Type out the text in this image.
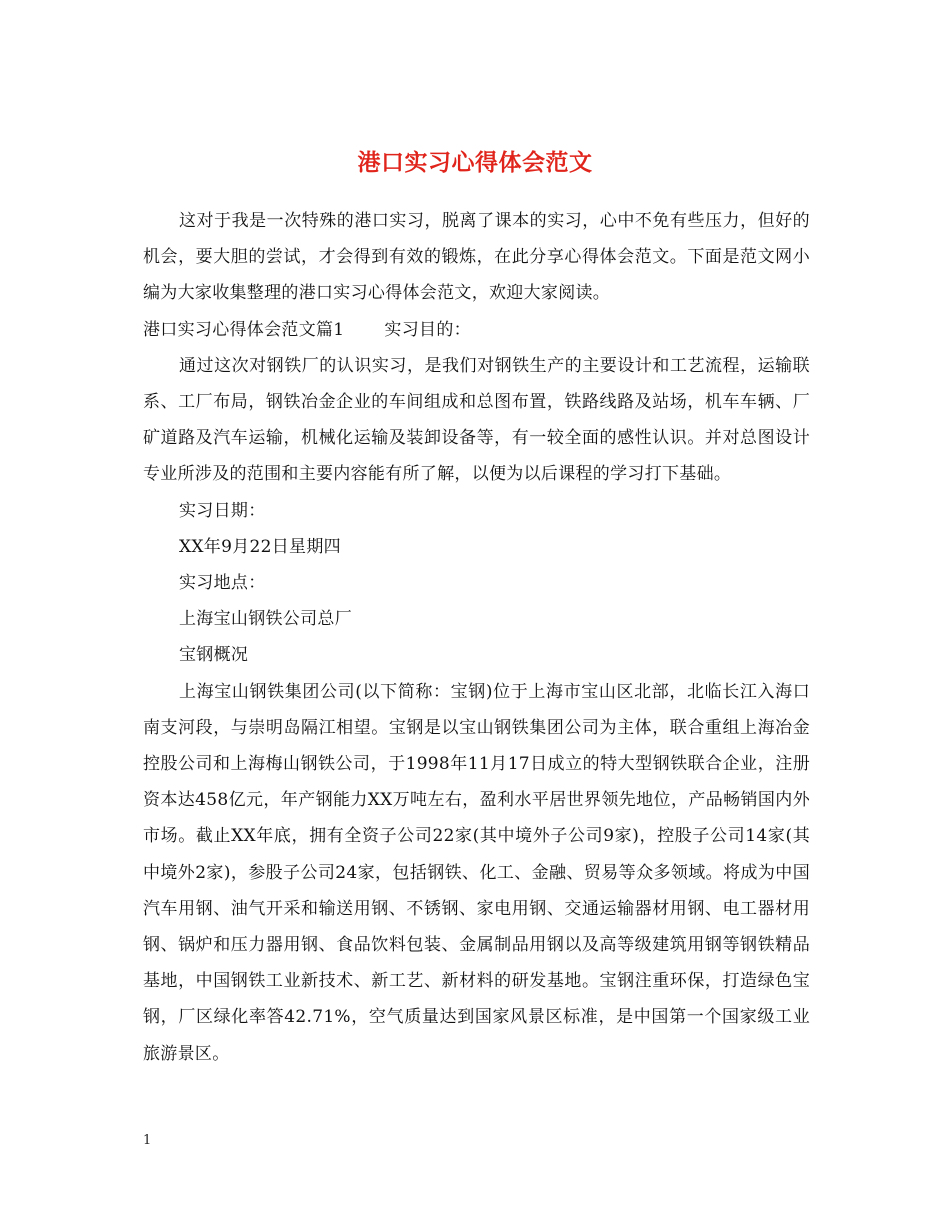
港口实习心得体会范文

这对于我是一次特殊的港口实习，脱离了课本的实习，心中不免有些压力，但好的机会，要大胆的尝试，才会得到有效的锻炼，在此分享心得体会范文。下面是范文网小编为大家收集整理的港口实习心得体会范文，欢迎大家阅读。

港口实习心得体会范文篇1 实习目的：

通过这次对钢铁厂的认识实习，是我们对钢铁生产的主要设计和工艺流程，运输联系、工厂布局，钢铁冶金企业的车间组成和总图布置，铁路线路及站场，机车车辆、厂矿道路及汽车运输，机械化运输及装卸设备等，有一较全面的感性认识。并对总图设计专业所涉及的范围和主要内容能有所了解，以便为以后课程的学习打下基础。

实习日期：

XX年9月22日星期四

实习地点：

上海宝山钢铁公司总厂

宝钢概况

上海宝山钢铁集团公司(以下简称：宝钢)位于上海市宝山区北部，北临长江入海口南支河段，与崇明岛隔江相望。宝钢是以宝山钢铁集团公司为主体，联合重组上海冶金控股公司和上海梅山钢铁公司，于1998年11月17日成立的特大型钢铁联合企业，注册资本达458亿元，年产钢能力XX万吨左右，盈利水平居世界领先地位，产品畅销国内外市场。截止XX年底，拥有全资子公司22家(其中境外子公司9家)，控股子公司14家(其中境外2家)，参股子公司24家，包括钢铁、化工、金融、贸易等众多领域。将成为中国汽车用钢、油气开采和输送用钢、不锈钢、家电用钢、交通运输器材用钢、电工器材用钢、锅炉和压力器用钢、食品饮料包装、金属制品用钢以及高等级建筑用钢等钢铁精品基地，中国钢铁工业新技术、新工艺、新材料的研发基地。宝钢注重环保，打造绿色宝钢，厂区绿化率答42.71%，空气质量达到国家风景区标准，是中国第一个国家级工业旅游景区。

1
